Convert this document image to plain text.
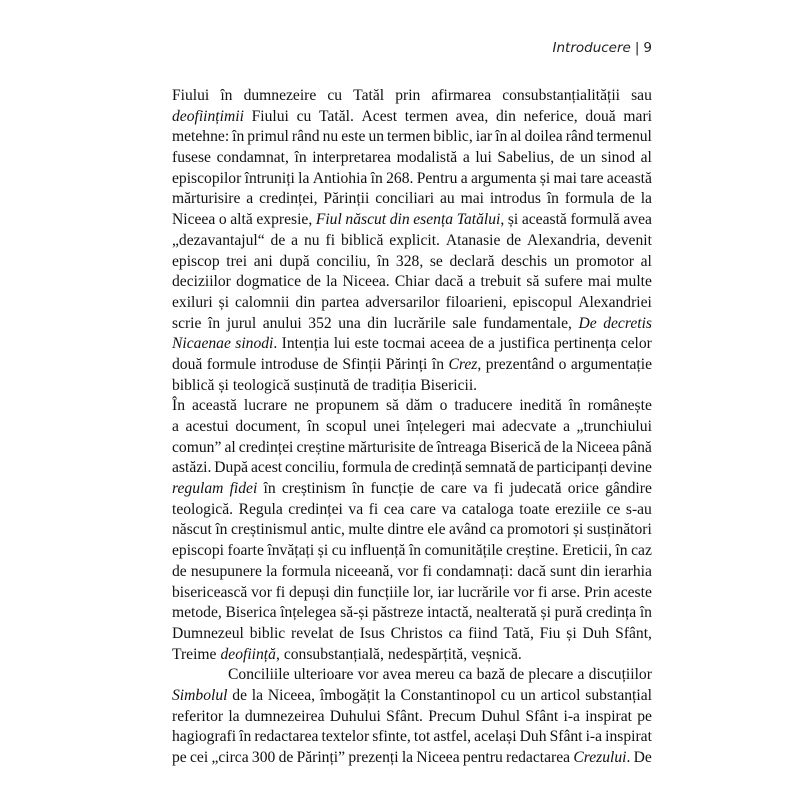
Introducere | 9
Fiului în dumnezeire cu Tatăl prin afirmarea consubstanțialității sau
deoființimii Fiului cu Tatăl. Acest termen avea, din neferice, două mari
metehne: în primul rând nu este un termen biblic, iar în al doilea rând termenul
fusese condamnat, în interpretarea modalistă a lui Sabelius, de un sinod al
episcopilor întruniți la Antiohia în 268. Pentru a argumenta și mai tare această
mărturisire a credinței, Părinții conciliari au mai introdus în formula de la
Niceea o altă expresie, Fiul născut din esența Tatălui, și această formulă avea
„dezavantajul“ de a nu fi biblică explicit. Atanasie de Alexandria, devenit
episcop trei ani după conciliu, în 328, se declară deschis un promotor al
deciziilor dogmatice de la Niceea. Chiar dacă a trebuit să sufere mai multe
exiluri și calomnii din partea adversarilor filoarieni, episcopul Alexandriei
scrie în jurul anului 352 una din lucrările sale fundamentale, De decretis
Nicaenae sinodi. Intenția lui este tocmai aceea de a justifica pertinența celor
două formule introduse de Sfinții Părinți în Crez, prezentând o argumentație
biblică și teologică susținută de tradiția Bisericii.
În această lucrare ne propunem să dăm o traducere inedită în românește
a acestui document, în scopul unei înțelegeri mai adecvate a „trunchiului
comun” al credinței creștine mărturisite de întreaga Biserică de la Niceea până
astăzi. După acest conciliu, formula de credință semnată de participanți devine
regulam fidei în creștinism în funcție de care va fi judecată orice gândire
teologică. Regula credinței va fi cea care va cataloga toate ereziile ce s-au
născut în creștinismul antic, multe dintre ele având ca promotori și susținători
episcopi foarte învățați și cu influență în comunitățile creștine. Ereticii, în caz
de nesupunere la formula niceeană, vor fi condamnați: dacă sunt din ierarhia
bisericească vor fi depuși din funcțiile lor, iar lucrările vor fi arse. Prin aceste
metode, Biserica înțelegea să-și păstreze intactă, nealterată și pură credința în
Dumnezeul biblic revelat de Isus Christos ca fiind Tată, Fiu și Duh Sfânt,
Treime deoființă, consubstanțială, nedespărțită, veșnică.
Conciliile ulterioare vor avea mereu ca bază de plecare a discuțiilor
Simbolul de la Niceea, îmbogățit la Constantinopol cu un articol substanțial
referitor la dumnezeirea Duhului Sfânt. Precum Duhul Sfânt i-a inspirat pe
hagiografi în redactarea textelor sfinte, tot astfel, același Duh Sfânt i-a inspirat
pe cei „circa 300 de Părinți” prezenți la Niceea pentru redactarea Crezului. De
